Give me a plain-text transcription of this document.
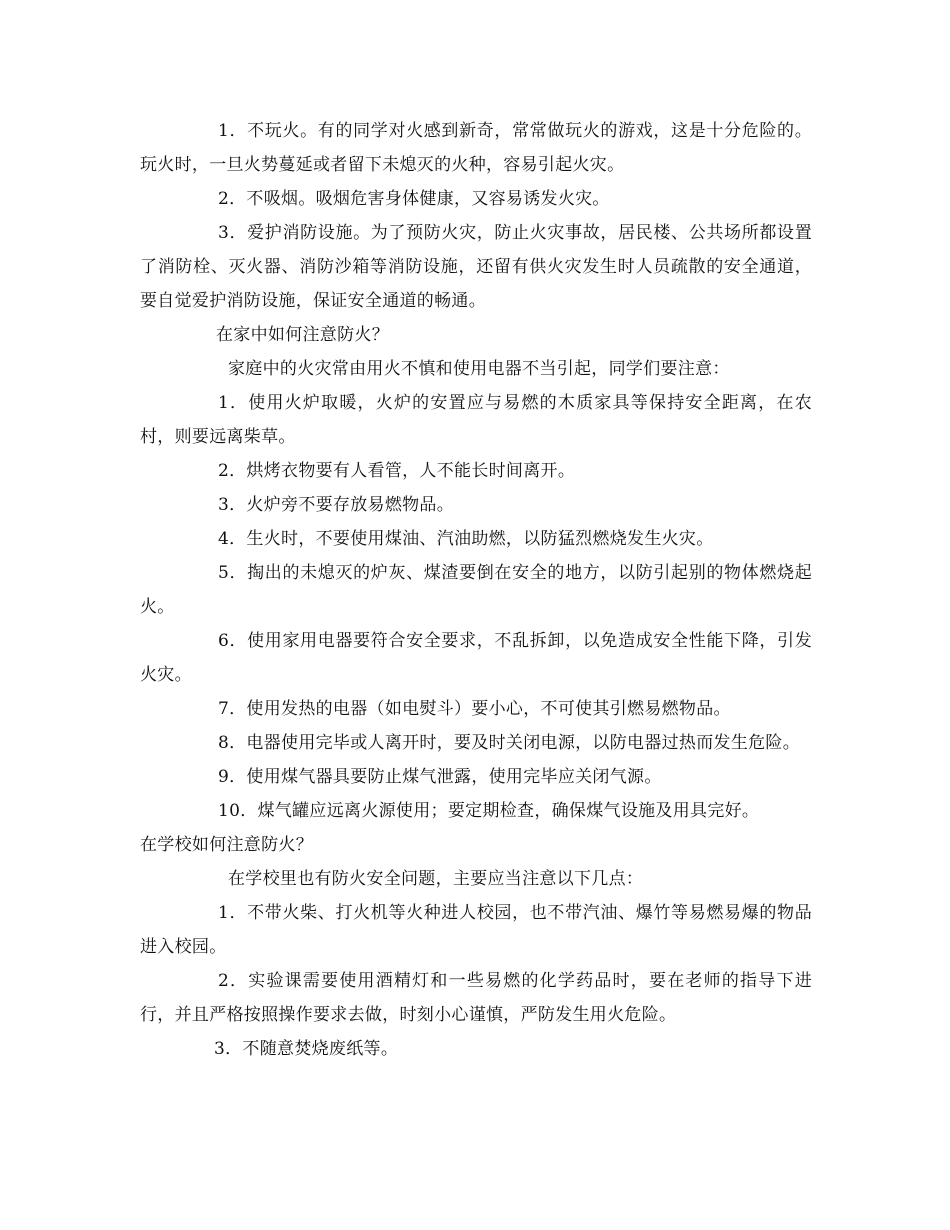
1．不玩火。有的同学对火感到新奇，常常做玩火的游戏，这是十分危险的。玩火时，一旦火势蔓延或者留下未熄灭的火种，容易引起火灾。

2．不吸烟。吸烟危害身体健康，又容易诱发火灾。

3．爱护消防设施。为了预防火灾，防止火灾事故，居民楼、公共场所都设置了消防栓、灭火器、消防沙箱等消防设施，还留有供火灾发生时人员疏散的安全通道，要自觉爱护消防设施，保证安全通道的畅通。

在家中如何注意防火？

家庭中的火灾常由用火不慎和使用电器不当引起，同学们要注意：

1．使用火炉取暖，火炉的安置应与易燃的木质家具等保持安全距离，在农村，则要远离柴草。

2．烘烤衣物要有人看管，人不能长时间离开。

3．火炉旁不要存放易燃物品。

4．生火时，不要使用煤油、汽油助燃，以防猛烈燃烧发生火灾。

5．掏出的未熄灭的炉灰、煤渣要倒在安全的地方，以防引起别的物体燃烧起火。

6．使用家用电器要符合安全要求，不乱拆卸，以免造成安全性能下降，引发火灾。

7．使用发热的电器（如电熨斗）要小心，不可使其引燃易燃物品。

8．电器使用完毕或人离开时，要及时关闭电源，以防电器过热而发生危险。

9．使用煤气器具要防止煤气泄露，使用完毕应关闭气源。

10．煤气罐应远离火源使用；要定期检查，确保煤气设施及用具完好。

在学校如何注意防火？

在学校里也有防火安全问题，主要应当注意以下几点：

1．不带火柴、打火机等火种进人校园，也不带汽油、爆竹等易燃易爆的物品进入校园。

2．实验课需要使用酒精灯和一些易燃的化学药品时，要在老师的指导下进行，并且严格按照操作要求去做，时刻小心谨慎，严防发生用火危险。

3．不随意焚烧废纸等。
